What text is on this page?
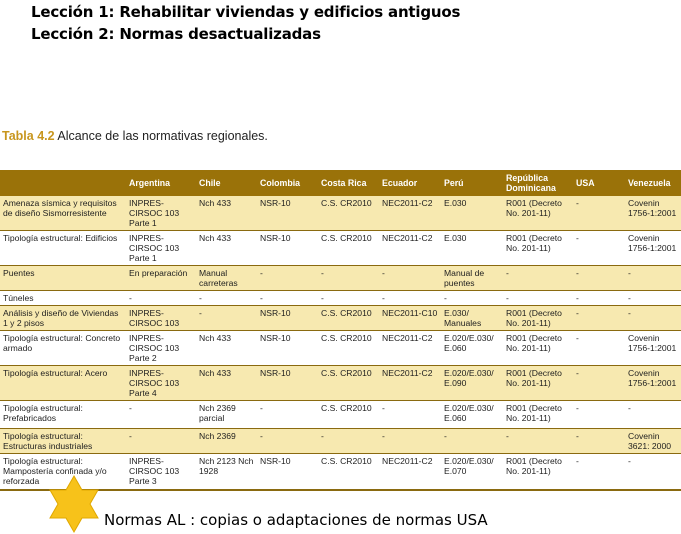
Lección 1: Rehabilitar viviendas y edificios antiguos
Lección 2: Normas desactualizadas
Tabla 4.2 Alcance de las normativas regionales.
	Argentina	Chile	Colombia	Costa Rica	Ecuador	Perú	República Dominicana	USA	Venezuela
Amenaza sísmica y requisitos de diseño Sismorresistente	INPRES-CIRSOC 103 Parte 1	Nch 433	NSR-10	C.S. CR2010	NEC2011-C2	E.030	R001 (Decreto No. 201-11)	-	Covenin 1756-1:2001
Tipología estructural: Edificios	INPRES-CIRSOC 103 Parte 1	Nch 433	NSR-10	C.S. CR2010	NEC2011-C2	E.030	R001 (Decreto No. 201-11)	-	Covenin 1756-1:2001
Puentes	En preparación	Manual carreteras	-	-	-	Manual de puentes	-	-	-
Túneles	-	-	-	-	-	-	-	-	-
Análisis y diseño de Viviendas 1 y 2 pisos	INPRES-CIRSOC 103	-	NSR-10	C.S. CR2010	NEC2011-C10	E.030/ Manuales	R001 (Decreto No. 201-11)	-	-
Tipología estructural: Concreto armado	INPRES-CIRSOC 103 Parte 2	Nch 433	NSR-10	C.S. CR2010	NEC2011-C2	E.020/E.030/ E.060	R001 (Decreto No. 201-11)	-	Covenin 1756-1:2001
Tipología estructural: Acero	INPRES-CIRSOC 103 Parte 4	Nch 433	NSR-10	C.S. CR2010	NEC2011-C2	E.020/E.030/ E.090	R001 (Decreto No. 201-11)	-	Covenin 1756-1:2001
Tipología estructural: Prefabricados	-	Nch 2369 parcial	-	C.S. CR2010	-	E.020/E.030/ E.060	R001 (Decreto No. 201-11)	-	-
Tipología estructural: Estructuras industriales	-	Nch 2369	-	-	-	-	-	-	Covenin 3621: 2000
Tipología estructural: Mampostería confinada y/o reforzada	INPRES-CIRSOC 103 Parte 3	Nch 2123 Nch 1928	NSR-10	C.S. CR2010	NEC2011-C2	E.020/E.030/ E.070	R001 (Decreto No. 201-11)	-	-
Normas AL : copias o adaptaciones de normas USA
